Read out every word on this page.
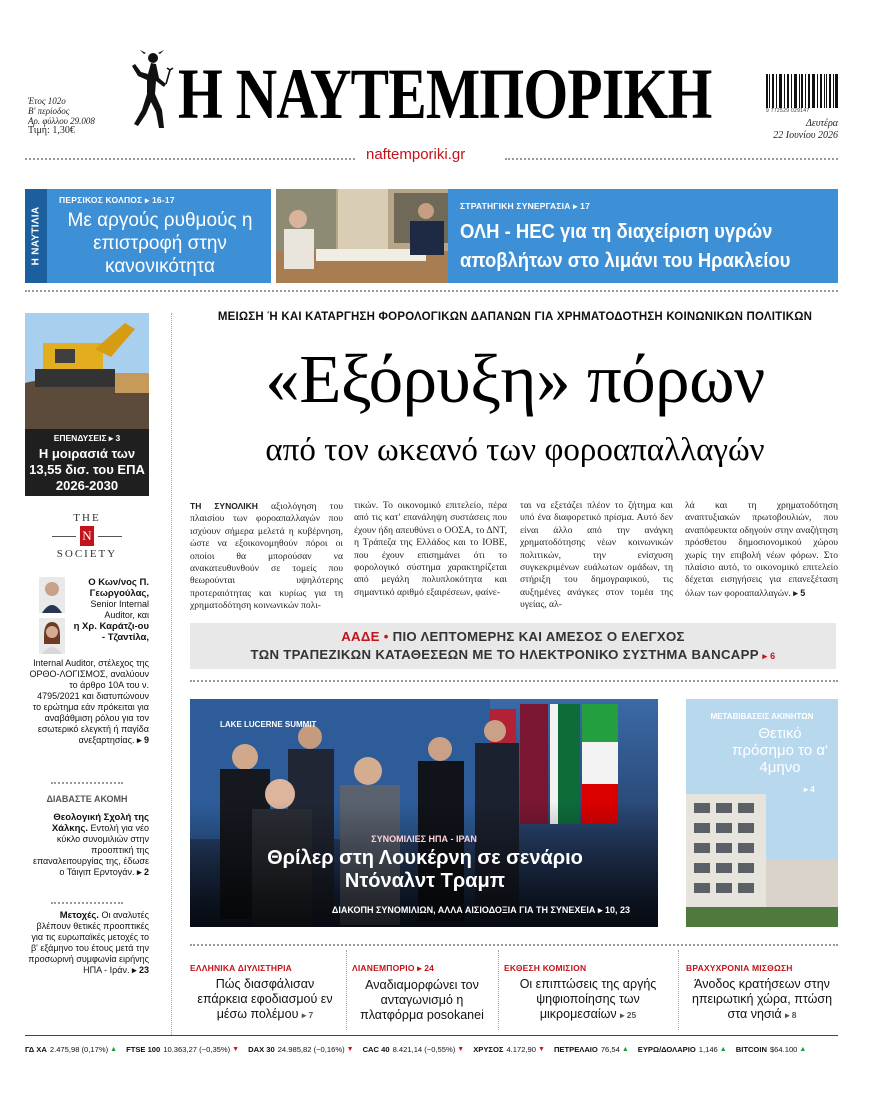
Έτος 102ο
Β' περίοδος
Αρ. φύλλου 29.008
Τιμή: 1,30€ Η ΝΑΥΤΕΜΠΟΡΙΚΗ
naftemporiki.gr
9 772529 029147
Δευτέρα
22 Ιουνίου 2026
Η ΝΑΥΤΙΛΙΑ
ΠΕΡΣΙΚΟΣ ΚΟΛΠΟΣ ▸ 16-17
Με αργούς ρυθμούς η επιστροφή στην κανονικότητα
ΣΤΡΑΤΗΓΙΚΗ ΣΥΝΕΡΓΑΣΙΑ ▸ 17
ΟΛΗ - HEC για τη διαχείριση υγρών αποβλήτων στο λιμάνι του Ηρακλείου
ΕΠΕΝΔΥΣΕΙΣ ▸ 3
Η μοιρασιά των 13,55 δισ. του ΕΠΑ 2026-2030
THE
N
SOCIETY
Ο Κων/νος Π. Γεωργούλας,
Senior Internal Auditor, και
η Χρ. Καράτζι-ου - Τζαντίλα,
Internal Auditor, στέλεχος της ΟΡΘΟ-ΛΟΓΙΣΜΟΣ, αναλύουν το άρθρο 10Α του ν. 4795/2021 και διατυπώνουν το ερώτημα εάν πρόκειται για αναβάθμιση ρόλου για τον εσωτερικό ελεγκτή ή παγίδα ανεξαρτησίας. ▸ 9
ΔΙΑΒΑΣΤΕ ΑΚΟΜΗ
Θεολογική Σχολή της Χάλκης. Εντολή για νέο κύκλο συνομιλιών στην προοπτική της επαναλειτουργίας της, έδωσε ο Τάιγιπ Ερντογάν. ▸ 2
Μετοχές. Οι αναλυτές βλέπουν θετικές προοπτικές για τις ευρωπαϊκές μετοχές το β' εξάμηνο του έτους μετά την προσωρινή συμφωνία ειρήνης ΗΠΑ - Ιράν. ▸ 23
ΜΕΙΩΣΗ Ή ΚΑΙ ΚΑΤΑΡΓΗΣΗ ΦΟΡΟΛΟΓΙΚΩΝ ΔΑΠΑΝΩΝ ΓΙΑ ΧΡΗΜΑΤΟΔΟΤΗΣΗ ΚΟΙΝΩΝΙΚΩΝ ΠΟΛΙΤΙΚΩΝ
«Εξόρυξη» πόρων
από τον ωκεανό των φοροαπαλλαγών
ΤΗ ΣΥΝΟΛΙΚΗ αξιολόγηση του πλαισίου των φοροαπαλλαγών που ισχύουν σήμερα μελετά η κυβέρνηση, ώστε να εξοικονομηθούν πόροι οι οποίοι θα μπορούσαν να ανακατευθυνθούν σε τομείς που θεωρούνται υψηλότερης προτεραιότητας και κυρίως για τη χρηματοδότηση κοινωνικών πολι-
τικών. Το οικονομικό επιτελείο, πέρα από τις κατ' επανάληψη συστάσεις που έχουν ήδη απευθύνει ο ΟΟΣΑ, το ΔΝΤ, η Τράπεζα της Ελλάδος και το ΙΟΒΕ, που έχουν επισημάνει ότι το φορολογικό σύστημα χαρακτηρίζεται από μεγάλη πολυπλοκότητα και σημαντικό αριθμό εξαιρέσεων, φαίνε-
ται να εξετάζει πλέον το ζήτημα και υπό ένα διαφορετικό πρίσμα. Αυτό δεν είναι άλλο από την ανάγκη χρηματοδότησης νέων κοινωνικών πολιτικών, την ενίσχυση συγκεκριμένων ευάλωτων ομάδων, τη στήριξη του δημογραφικού, τις αυξημένες ανάγκες στον τομέα της υγείας, αλ-
λά και τη χρηματοδότηση αναπτυξιακών πρωτοβουλιών, που αναπόφευκτα οδηγούν στην αναζήτηση πρόσθετου δημοσιονομικού χώρου χωρίς την επιβολή νέων φόρων. Στο πλαίσιο αυτό, το οικονομικό επιτελείο δέχεται εισηγήσεις για επανεξέταση όλων των φοροαπαλλαγών. ▸ 5
ΑΑΔΕ • ΠΙΟ ΛΕΠΤΟΜΕΡΗΣ ΚΑΙ ΑΜΕΣΟΣ Ο ΕΛΕΓΧΟΣ
ΤΩΝ ΤΡΑΠΕΖΙΚΩΝ ΚΑΤΑΘΕΣΕΩΝ ΜΕ ΤΟ ΗΛΕΚΤΡΟΝΙΚΟ ΣΥΣΤΗΜΑ BANCAPP ▸ 6
LAKE LUCERNE SUMMIT
ΣΥΝΟΜΙΛΙΕΣ ΗΠΑ - ΙΡΑΝ
Θρίλερ στη Λουκέρνη σε σενάριο Ντόναλντ Τραμπ
ΔΙΑΚΟΠΗ ΣΥΝΟΜΙΛΙΩΝ, ΑΛΛΑ ΑΙΣΙΟΔΟΞΙΑ ΓΙΑ ΤΗ ΣΥΝΕΧΕΙΑ ▸ 10, 23
ΜΕΤΑΒΙΒΑΣΕΙΣ ΑΚΙΝΗΤΩΝ
Θετικό πρόσημο το α' 4μηνο
▸ 4
ΕΛΛΗΝΙΚΑ ΔΙΥΛΙΣΤΗΡΙΑ
Πώς διασφάλισαν επάρκεια εφοδιασμού εν μέσω πολέμου ▸ 7
ΛΙΑΝΕΜΠΟΡΙΟ ▸ 24
Αναδιαμορφώνει τον ανταγωνισμό η πλατφόρμα posokanei
ΕΚΘΕΣΗ ΚΟΜΙΣΙΟΝ
Οι επιπτώσεις της αργής ψηφιοποίησης των μικρομεσαίων ▸ 25
ΒΡΑΧΥΧΡΟΝΙΑ ΜΙΣΘΩΣΗ
Άνοδος κρατήσεων στην ηπειρωτική χώρα, πτώση στα νησιά ▸ 8
ΓΔ ΧΑ 2.475,98 (0,17%) ▲ FTSE 100 10.363,27 (−0,35%) ▼ DAX 30 24.985,82 (−0,16%) ▼ CAC 40 8.421,14 (−0,55%) ▼ ΧΡΥΣΟΣ 4.172,90 ▼ ΠΕΤΡΕΛΑΙΟ 76,54 ▲ ΕΥΡΩ/ΔΟΛΑΡΙΟ 1,146 ▲ BITCOIN $64.100 ▲
